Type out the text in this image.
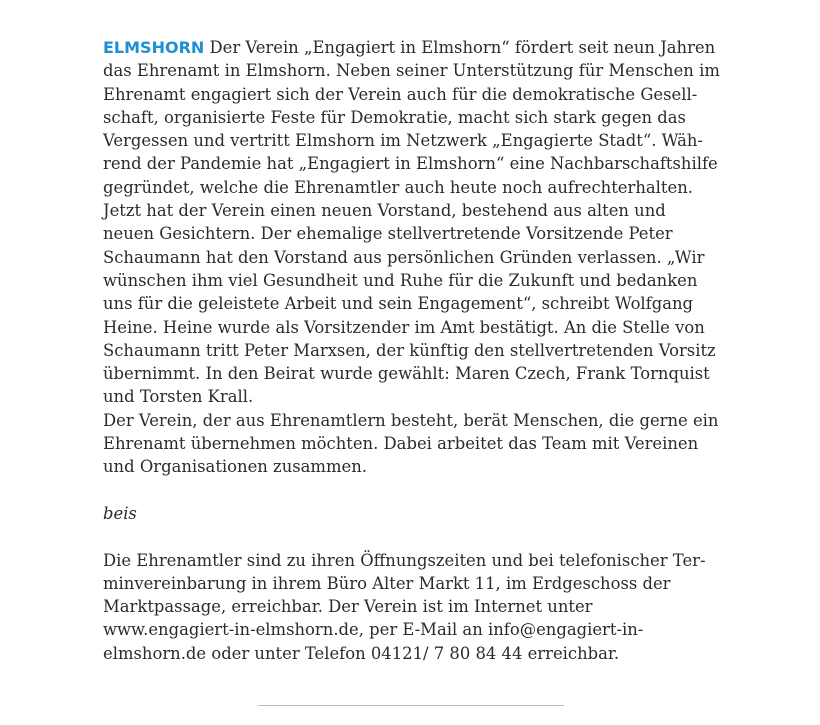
ELMSHORN Der Verein „Engagiert in Elmshorn“ fördert seit neun Jahren
das Ehrenamt in Elmshorn. Neben seiner Unterstützung für Menschen im
Ehrenamt engagiert sich der Verein auch für die demokratische Gesell-
schaft, organisierte Feste für Demokratie, macht sich stark gegen das
Vergessen und vertritt Elmshorn im Netzwerk „Engagierte Stadt“. Wäh-
rend der Pandemie hat „Engagiert in Elmshorn“ eine Nachbarschaftshilfe
gegründet, welche die Ehrenamtler auch heute noch aufrechterhalten.
Jetzt hat der Verein einen neuen Vorstand, bestehend aus alten und
neuen Gesichtern. Der ehemalige stellvertretende Vorsitzende Peter
Schaumann hat den Vorstand aus persönlichen Gründen verlassen. „Wir
wünschen ihm viel Gesundheit und Ruhe für die Zukunft und bedanken
uns für die geleistete Arbeit und sein Engagement“, schreibt Wolfgang
Heine. Heine wurde als Vorsitzender im Amt bestätigt. An die Stelle von
Schaumann tritt Peter Marxsen, der künftig den stellvertretenden Vorsitz
übernimmt. In den Beirat wurde gewählt: Maren Czech, Frank Tornquist
und Torsten Krall.
Der Verein, der aus Ehrenamtlern besteht, berät Menschen, die gerne ein
Ehrenamt übernehmen möchten. Dabei arbeitet das Team mit Vereinen
und Organisationen zusammen.
beis
Die Ehrenamtler sind zu ihren Öffnungszeiten und bei telefonischer Ter-
minvereinbarung in ihrem Büro Alter Markt 11, im Erdgeschoss der
Marktpassage, erreichbar. Der Verein ist im Internet unter
www.engagiert-in-elmshorn.de, per E-Mail an info@engagiert-in-
elmshorn.de oder unter Telefon 04121/ 7 80 84 44 erreichbar.
